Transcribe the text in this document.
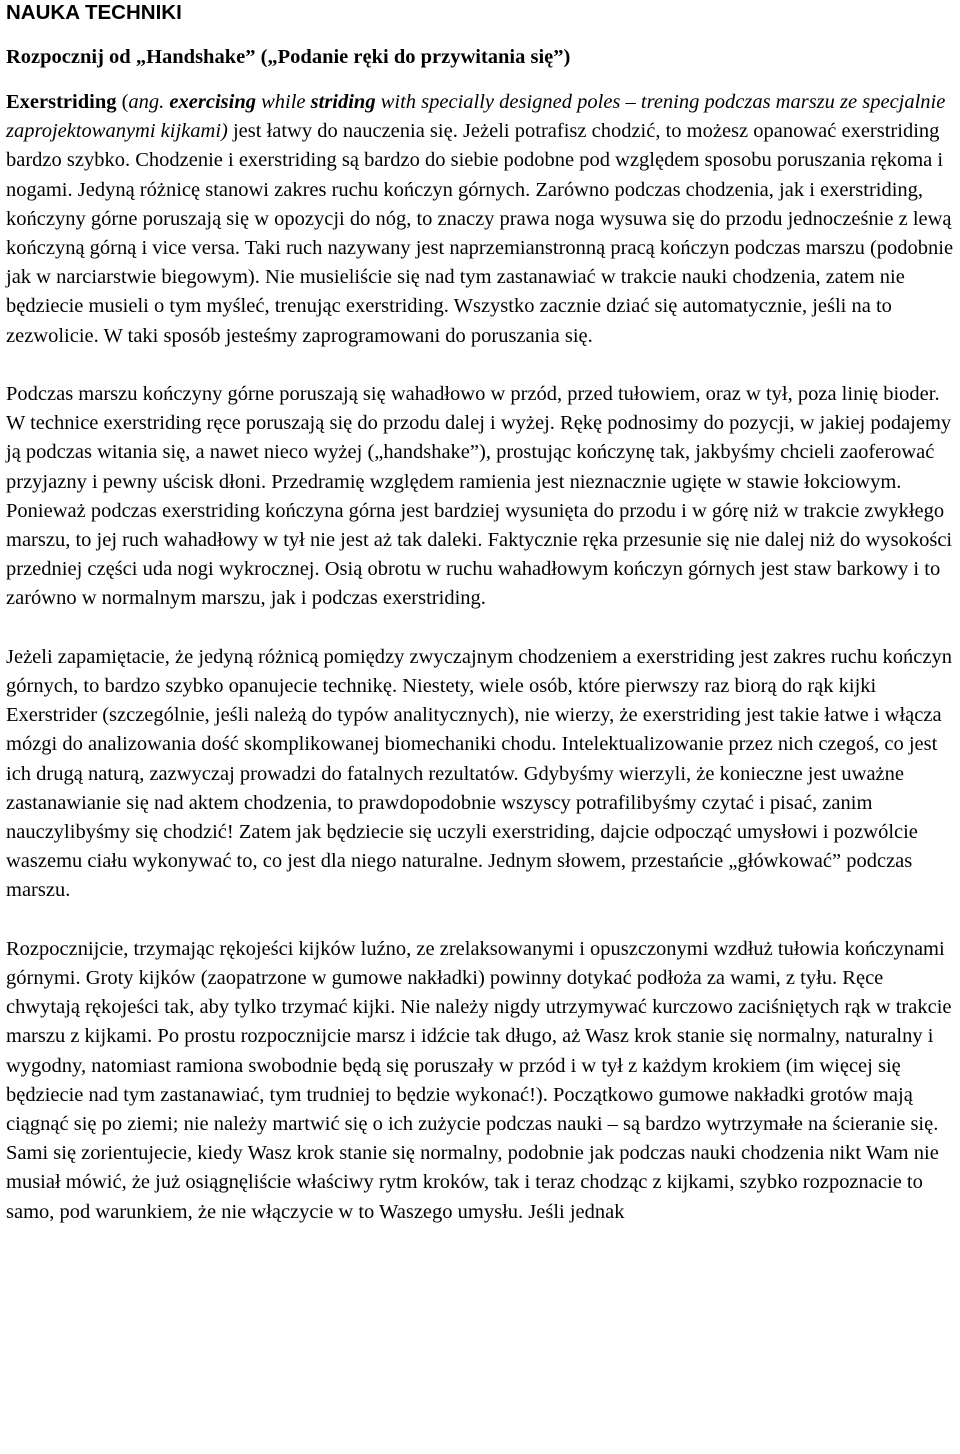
NAUKA TECHNIKI
Rozpocznij od „Handshake” („Podanie ręki do przywitania się”)

Exerstriding (ang. exercising while striding with specially designed poles – trening podczas marszu ze specjalnie zaprojektowanymi kijkami) jest łatwy do nauczenia się. Jeżeli potrafisz chodzić, to możesz opanować exerstriding bardzo szybko. Chodzenie i exerstriding są bardzo do siebie podobne pod względem sposobu poruszania rękoma i nogami. Jedyną różnicę stanowi zakres ruchu kończyn górnych. Zarówno podczas chodzenia, jak i exerstriding, kończyny górne poruszają się w opozycji do nóg, to znaczy prawa noga wysuwa się do przodu jednocześnie z lewą kończyną górną i vice versa. Taki ruch nazywany jest naprzemianstronną pracą kończyn podczas marszu (podobnie jak w narciarstwie biegowym). Nie musieliście się nad tym zastanawiać w trakcie nauki chodzenia, zatem nie będziecie musieli o tym myśleć, trenując exerstriding. Wszystko zacznie dziać się automatycznie, jeśli na to zezwolicie. W taki sposób jesteśmy zaprogramowani do poruszania się.

Podczas marszu kończyny górne poruszają się wahadłowo w przód, przed tułowiem, oraz w tył, poza linię bioder. W technice exerstriding ręce poruszają się do przodu dalej i wyżej. Rękę podnosimy do pozycji, w jakiej podajemy ją podczas witania się, a nawet nieco wyżej („handshake”), prostując kończynę tak, jakbyśmy chcieli zaoferować przyjazny i pewny uścisk dłoni. Przedramię względem ramienia jest nieznacznie ugięte w stawie łokciowym. Ponieważ podczas exerstriding kończyna górna jest bardziej wysunięta do przodu i w górę niż w trakcie zwykłego marszu, to jej ruch wahadłowy w tył nie jest aż tak daleki. Faktycznie ręka przesunie się nie dalej niż do wysokości przedniej części uda nogi wykrocznej. Osią obrotu w ruchu wahadłowym kończyn górnych jest staw barkowy i to zarówno w normalnym marszu, jak i podczas exerstriding.

Jeżeli zapamiętacie, że jedyną różnicą pomiędzy zwyczajnym chodzeniem a exerstriding jest zakres ruchu kończyn górnych, to bardzo szybko opanujecie technikę. Niestety, wiele osób, które pierwszy raz biorą do rąk kijki Exerstrider (szczególnie, jeśli należą do typów analitycznych), nie wierzy, że exerstriding jest takie łatwe i włącza mózgi do analizowania dość skomplikowanej biomechaniki chodu. Intelektualizowanie przez nich czegoś, co jest ich drugą naturą, zazwyczaj prowadzi do fatalnych rezultatów. Gdybyśmy wierzyli, że konieczne jest uważne zastanawianie się nad aktem chodzenia, to prawdopodobnie wszyscy potrafilibyśmy czytać i pisać, zanim nauczylibyśmy się chodzić! Zatem jak będziecie się uczyli exerstriding, dajcie odpocząć umysłowi i pozwólcie waszemu ciału wykonywać to, co jest dla niego naturalne. Jednym słowem, przestańcie „główkować” podczas marszu.

Rozpocznijcie, trzymając rękojeści kijków luźno, ze zrelaksowanymi i opuszczonymi wzdłuż tułowia kończynami górnymi. Groty kijków (zaopatrzone w gumowe nakładki) powinny dotykać podłoża za wami, z tyłu. Ręce chwytają rękojeści tak, aby tylko trzymać kijki. Nie należy nigdy utrzymywać kurczowo zaciśniętych rąk w trakcie marszu z kijkami. Po prostu rozpocznijcie marsz i idźcie tak długo, aż Wasz krok stanie się normalny, naturalny i wygodny, natomiast ramiona swobodnie będą się poruszały w przód i w tył z każdym krokiem (im więcej się będziecie nad tym zastanawiać, tym trudniej to będzie wykonać!). Początkowo gumowe nakładki grotów mają ciągnąć się po ziemi; nie należy martwić się o ich zużycie podczas nauki – są bardzo wytrzymałe na ścieranie się. Sami się zorientujecie, kiedy Wasz krok stanie się normalny, podobnie jak podczas nauki chodzenia nikt Wam nie musiał mówić, że już osiągnęliście właściwy rytm kroków, tak i teraz chodząc z kijkami, szybko rozpoznacie to samo, pod warunkiem, że nie włączycie w to Waszego umysłu. Jeśli jednak
